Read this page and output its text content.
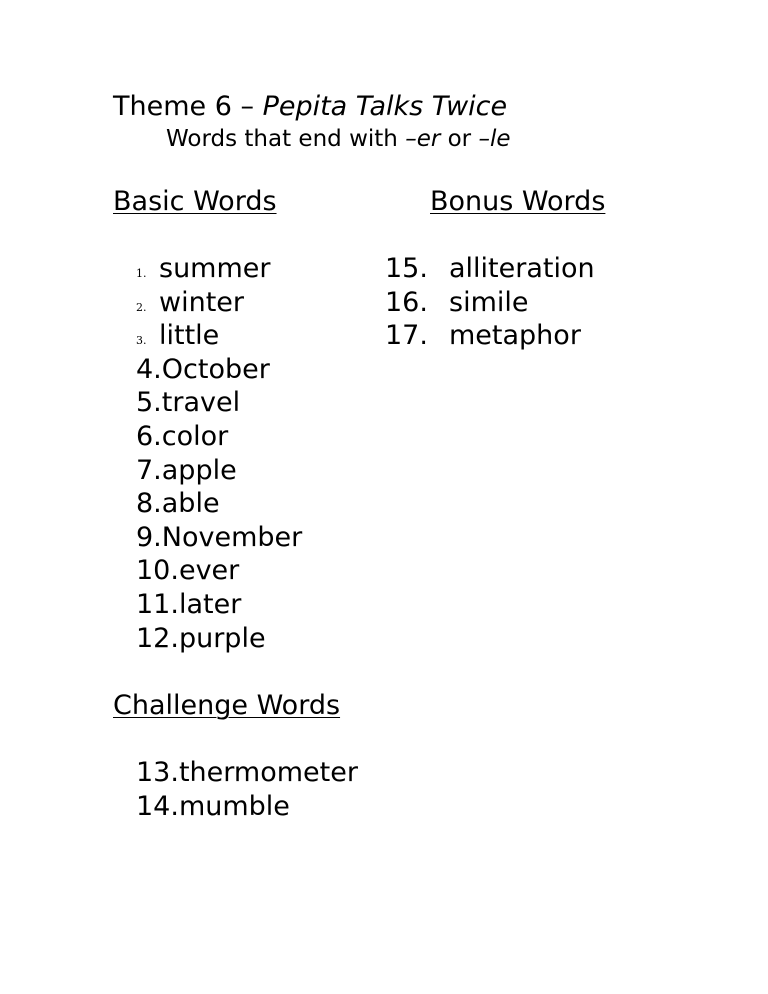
Theme 6 – Pepita Talks Twice
Words that end with –er or –le
Basic Words	Bonus Words
1. summer
2. winter
3. little
4.October
5.travel
6.color
7.apple
8.able
9.November
10.ever
11.later
12.purple
15. alliteration
16. simile
17. metaphor
Challenge Words
13.thermometer
14.mumble
